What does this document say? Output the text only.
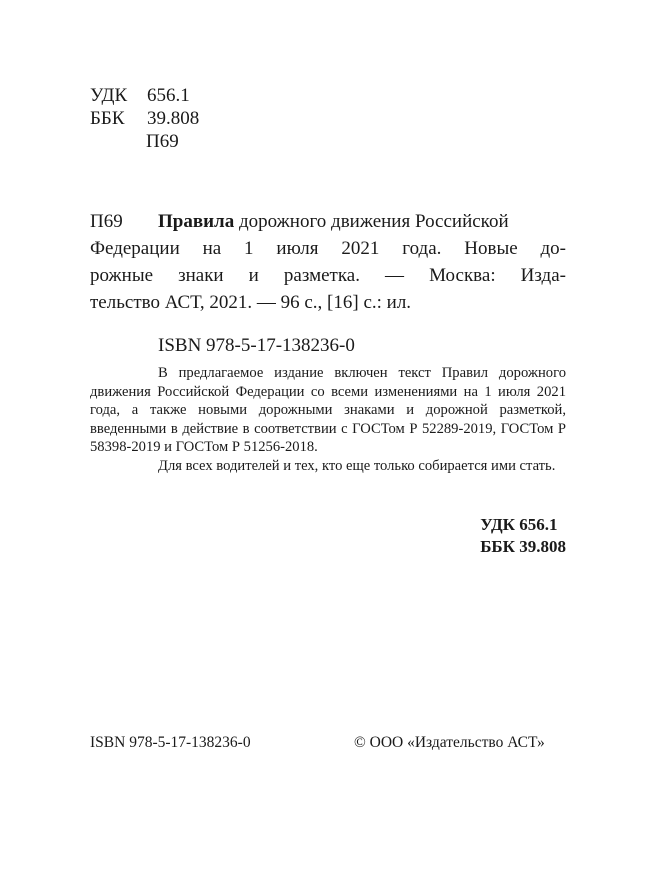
УДК 656.1
ББК 39.808
П69
П69 Правила дорожного движения Российской
Федерации на 1 июля 2021 года. Новые до-
рожные знаки и разметка. — Москва: Изда-
тельство АСТ, 2021. — 96 с., [16] с.: ил.
ISBN 978-5-17-138236-0

В предлагаемое издание включен текст Правил дорожного движения Российской Федерации со всеми изменениями на 1 июля 2021 года, а также новыми дорожными знаками и дорожной разметкой, введенными в действие в соответствии с ГОСТом Р 52289-2019, ГОСТом Р 58398-2019 и ГОСТом Р 51256-2018.

Для всех водителей и тех, кто еще только собирается ими стать.

УДК 656.1
ББК 39.808
ISBN 978-5-17-138236-0	© ООО «Издательство АСТ»
